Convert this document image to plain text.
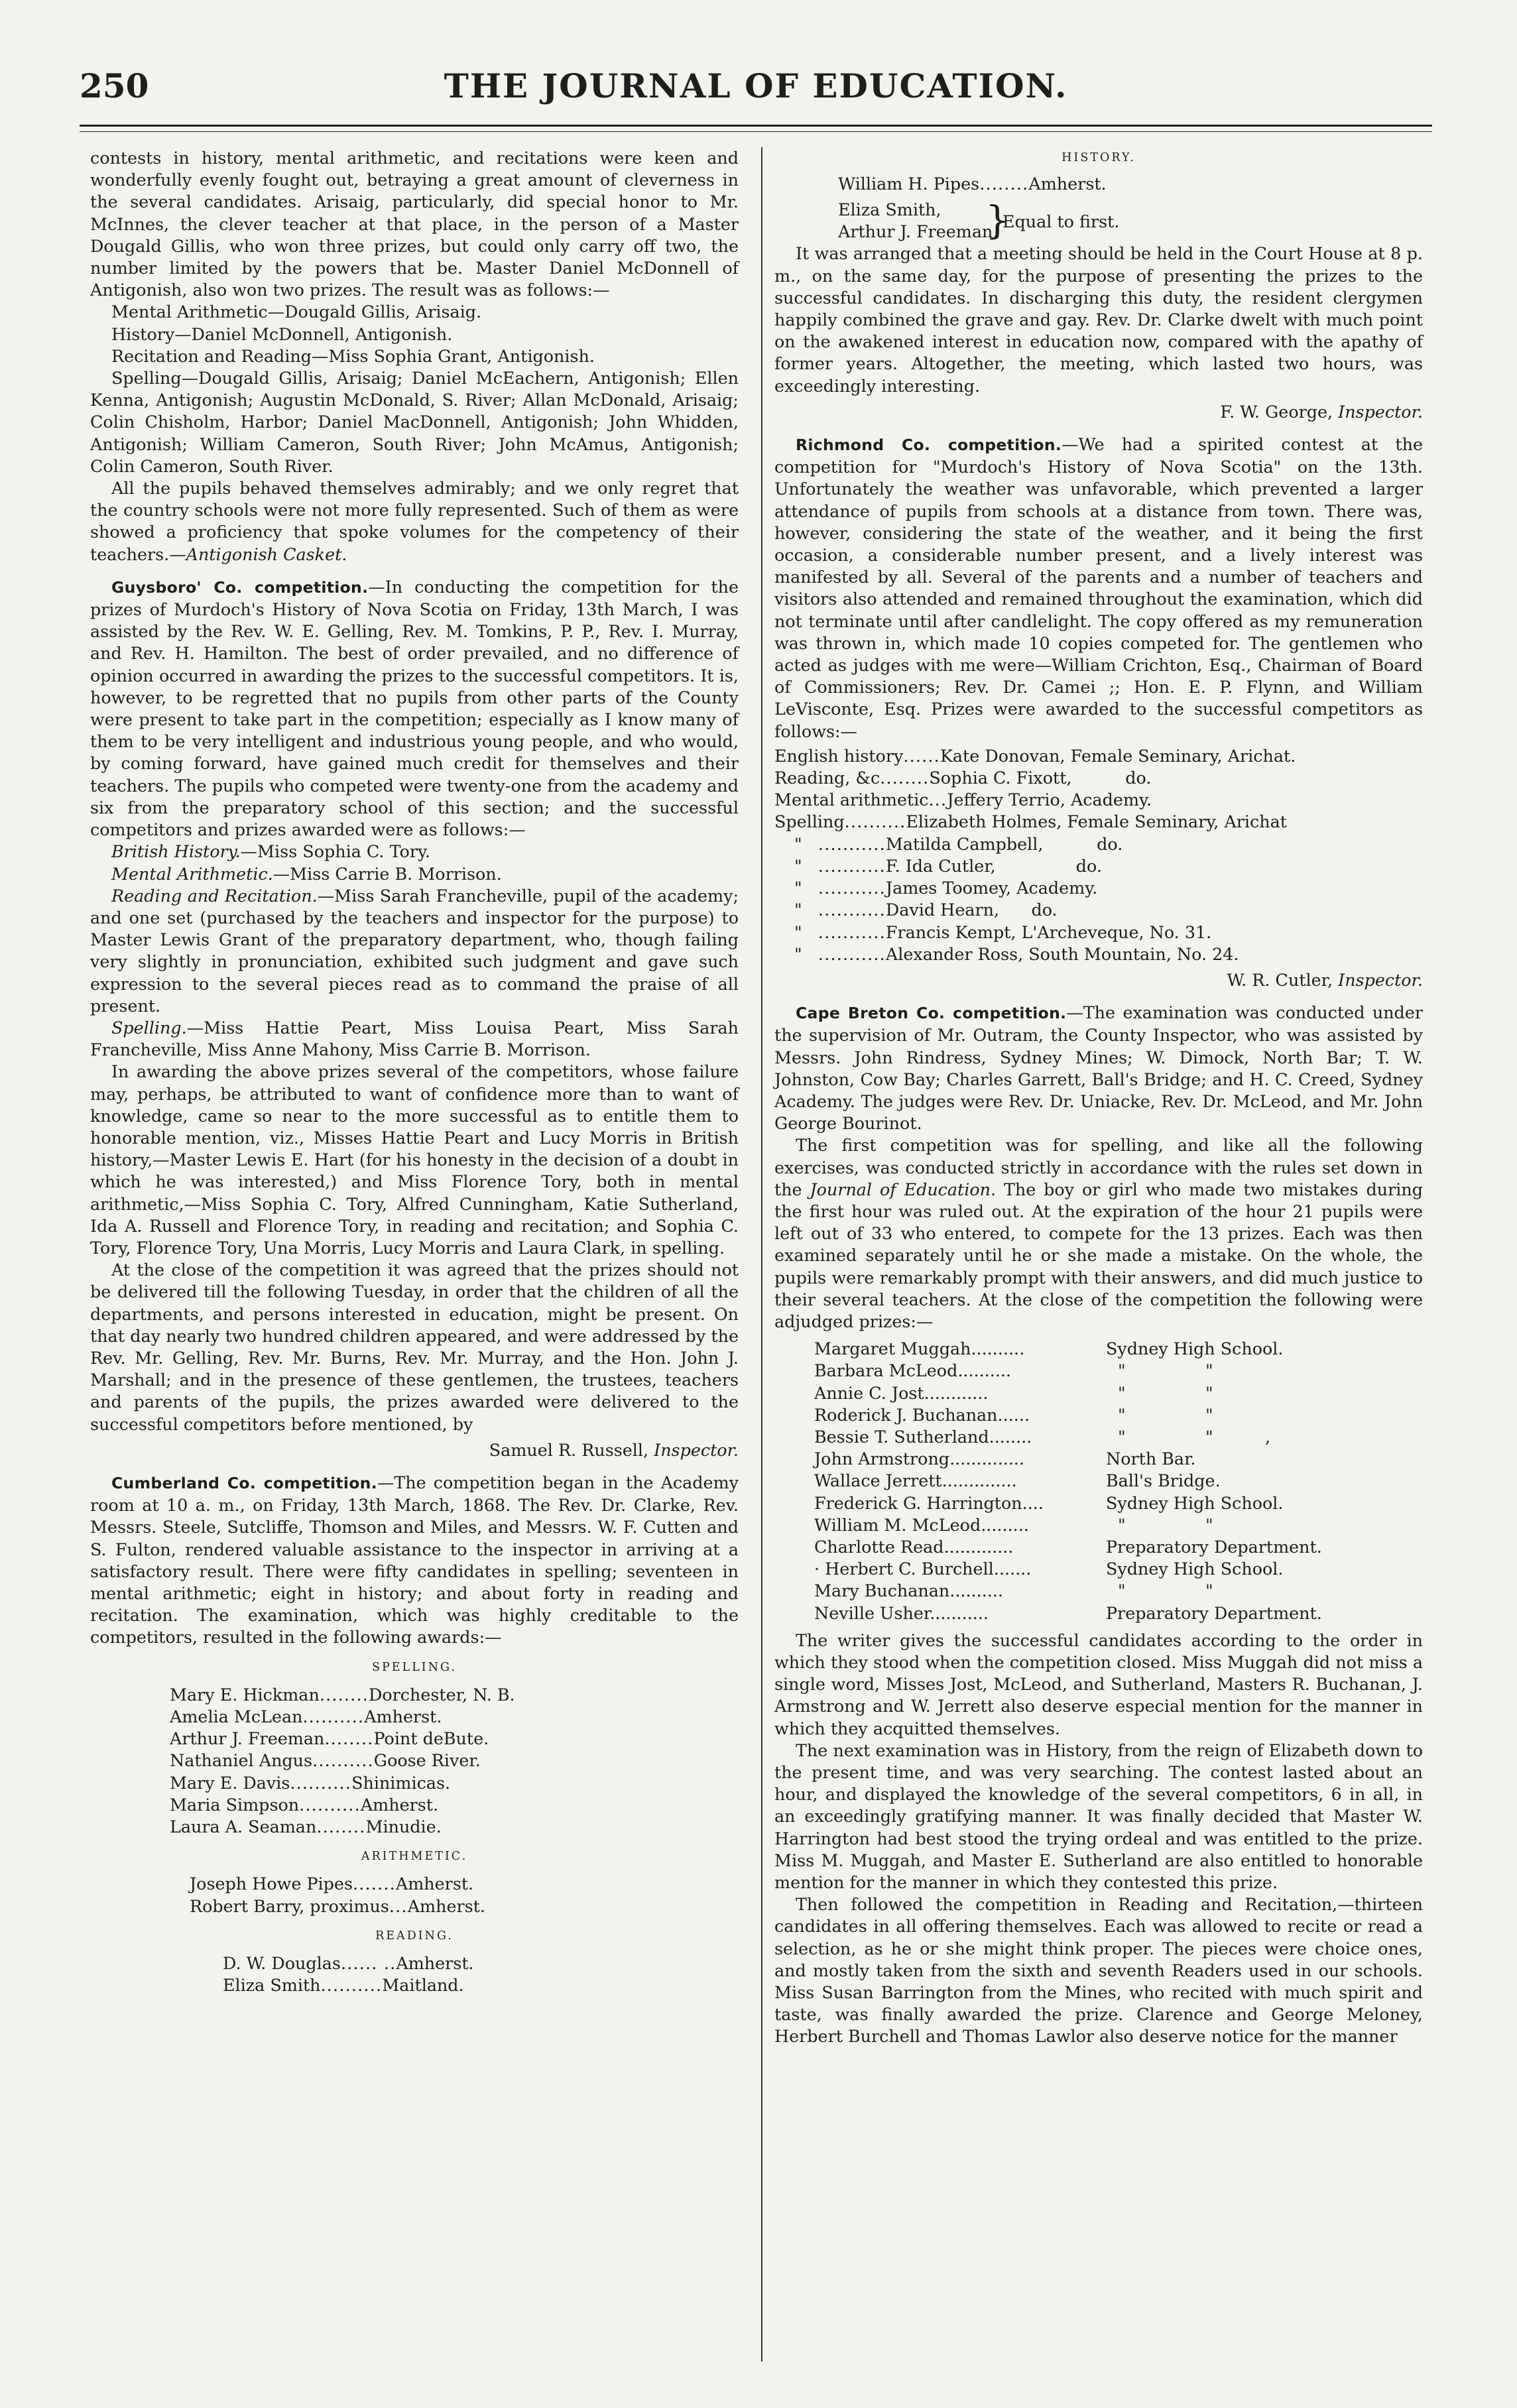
250	THE JOURNAL OF EDUCATION.

contests in history, mental arithmetic, and recitations were keen and wonderfully evenly fought out, betraying a great amount of cleverness in the several candidates. Arisaig, particularly, did special honor to Mr. McInnes, the clever teacher at that place, in the person of a Master Dougald Gillis, who won three prizes, but could only carry off two, the number limited by the powers that be. Master Daniel McDonnell of Antigonish, also won two prizes. The result was as follows:—

Mental Arithmetic—Dougald Gillis, Arisaig.

History—Daniel McDonnell, Antigonish.

Recitation and Reading—Miss Sophia Grant, Antigonish.

Spelling—Dougald Gillis, Arisaig; Daniel McEachern, Antigonish; Ellen Kenna, Antigonish; Augustin McDonald, S. River; Allan McDonald, Arisaig; Colin Chisholm, Harbor; Daniel MacDonnell, Antigonish; John Whidden, Antigonish; William Cameron, South River; John McAmus, Antigonish; Colin Cameron, South River.

All the pupils behaved themselves admirably; and we only regret that the country schools were not more fully represented. Such of them as were showed a proficiency that spoke volumes for the competency of their teachers.—Antigonish Casket.

Guysboro' Co. competition.—In conducting the competition for the prizes of Murdoch's History of Nova Scotia on Friday, 13th March, I was assisted by the Rev. W. E. Gelling, Rev. M. Tomkins, P. P., Rev. I. Murray, and Rev. H. Hamilton. The best of order prevailed, and no difference of opinion occurred in awarding the prizes to the successful competitors. It is, however, to be regretted that no pupils from other parts of the County were present to take part in the competition; especially as I know many of them to be very intelligent and industrious young people, and who would, by coming forward, have gained much credit for themselves and their teachers. The pupils who competed were twenty-one from the academy and six from the preparatory school of this section; and the successful competitors and prizes awarded were as follows:—

British History.—Miss Sophia C. Tory.

Mental Arithmetic.—Miss Carrie B. Morrison.

Reading and Recitation.—Miss Sarah Francheville, pupil of the academy; and one set (purchased by the teachers and inspector for the purpose) to Master Lewis Grant of the preparatory department, who, though failing very slightly in pronunciation, exhibited such judgment and gave such expression to the several pieces read as to command the praise of all present.

Spelling.—Miss Hattie Peart, Miss Louisa Peart, Miss Sarah Francheville, Miss Anne Mahony, Miss Carrie B. Morrison.

In awarding the above prizes several of the competitors, whose failure may, perhaps, be attributed to want of confidence more than to want of knowledge, came so near to the more successful as to entitle them to honorable mention, viz., Misses Hattie Peart and Lucy Morris in British history,—Master Lewis E. Hart (for his honesty in the decision of a doubt in which he was interested,) and Miss Florence Tory, both in mental arithmetic,—Miss Sophia C. Tory, Alfred Cunningham, Katie Sutherland, Ida A. Russell and Florence Tory, in reading and recitation; and Sophia C. Tory, Florence Tory, Una Morris, Lucy Morris and Laura Clark, in spelling.

At the close of the competition it was agreed that the prizes should not be delivered till the following Tuesday, in order that the children of all the departments, and persons interested in education, might be present. On that day nearly two hundred children appeared, and were addressed by the Rev. Mr. Gelling, Rev. Mr. Burns, Rev. Mr. Murray, and the Hon. John J. Marshall; and in the presence of these gentlemen, the trustees, teachers and parents of the pupils, the prizes awarded were delivered to the successful competitors before mentioned, by

Samuel R. Russell, Inspector.

Cumberland Co. competition.—The competition began in the Academy room at 10 a. m., on Friday, 13th March, 1868. The Rev. Dr. Clarke, Rev. Messrs. Steele, Sutcliffe, Thomson and Miles, and Messrs. W. F. Cutten and S. Fulton, rendered valuable assistance to the inspector in arriving at a satisfactory result. There were fifty candidates in spelling; seventeen in mental arithmetic; eight in history; and about forty in reading and recitation. The examination, which was highly creditable to the competitors, resulted in the following awards:—

SPELLING.
Mary E. Hickman ........ Dorchester, N. B.
Amelia McLean .......... Amherst.
Arthur J. Freeman ........ Point deBute.
Nathaniel Angus .......... Goose River.
Mary E. Davis .......... Shinimicas.
Maria Simpson .......... Amherst.
Laura A. Seaman ........ Minudie.
ARITHMETIC.
Joseph Howe Pipes ....... Amherst.
Robert Barry, proximus ... Amherst.
READING.
D. W. Douglas ...... .. Amherst.
Eliza Smith .......... Maitland.
HISTORY.
William H. Pipes ........ Amherst.
Eliza Smith,
Arthur J. Freeman,
}
Equal to first.

It was arranged that a meeting should be held in the Court House at 8 p. m., on the same day, for the purpose of presenting the prizes to the successful candidates. In discharging this duty, the resident clergymen happily combined the grave and gay. Rev. Dr. Clarke dwelt with much point on the awakened interest in education now, compared with the apathy of former years. Altogether, the meeting, which lasted two hours, was exceedingly interesting.

F. W. George, Inspector.

Richmond Co. competition.—We had a spirited contest at the competition for "Murdoch's History of Nova Scotia" on the 13th. Unfortunately the weather was unfavorable, which prevented a larger attendance of pupils from schools at a distance from town. There was, however, considering the state of the weather, and it being the first occasion, a considerable number present, and a lively interest was manifested by all. Several of the parents and a number of teachers and visitors also attended and remained throughout the examination, which did not terminate until after candlelight. The copy offered as my remuneration was thrown in, which made 10 copies competed for. The gentlemen who acted as judges with me were—William Crichton, Esq., Chairman of Board of Commissioners; Rev. Dr. Camei ;; Hon. E. P. Flynn, and William LeVisconte, Esq. Prizes were awarded to the successful competitors as follows:—

English history ...... Kate Donovan, Female Seminary, Arichat.
Reading, &c ........ Sophia C. Fixott,          do.
Mental arithmetic ... Jeffery Terrio, Academy.
Spelling .......... Elizabeth Holmes, Female Seminary, Arichat
" ........... Matilda Campbell,          do.
" ........... F. Ida Cutler,               do.
" ........... James Toomey, Academy.
" ........... David Hearn,      do.
" ........... Francis Kempt, L'Archeveque, No. 31.
" ........... Alexander Ross, South Mountain, No. 24.
W. R. Cutler, Inspector.

Cape Breton Co. competition.—The examination was conducted under the supervision of Mr. Outram, the County Inspector, who was assisted by Messrs. John Rindress, Sydney Mines; W. Dimock, North Bar; T. W. Johnston, Cow Bay; Charles Garrett, Ball's Bridge; and H. C. Creed, Sydney Academy. The judges were Rev. Dr. Uniacke, Rev. Dr. McLeod, and Mr. John George Bourinot.

The first competition was for spelling, and like all the following exercises, was conducted strictly in accordance with the rules set down in the Journal of Education. The boy or girl who made two mistakes during the first hour was ruled out. At the expiration of the hour 21 pupils were left out of 33 who entered, to compete for the 13 prizes. Each was then examined separately until he or she made a mistake. On the whole, the pupils were remarkably prompt with their answers, and did much justice to their several teachers. At the close of the competition the following were adjudged prizes:—

Margaret Muggah..........	Sydney High School.
Barbara McLeod..........	"	"
Annie C. Jost............	"	"
Roderick J. Buchanan......	"	"
Bessie T. Sutherland........	"	"	,
John Armstrong..............	North Bar.
Wallace Jerrett..............	Ball's Bridge.
Frederick G. Harrington....	Sydney High School.
William M. McLeod.........	"	"
Charlotte Read.............	Preparatory Department.
· Herbert C. Burchell.......	Sydney High School.
Mary Buchanan..........	"	"
Neville Usher...........	Preparatory Department.

The writer gives the successful candidates according to the order in which they stood when the competition closed. Miss Muggah did not miss a single word, Misses Jost, McLeod, and Sutherland, Masters R. Buchanan, J. Armstrong and W. Jerrett also deserve especial mention for the manner in which they acquitted themselves.

The next examination was in History, from the reign of Elizabeth down to the present time, and was very searching. The contest lasted about an hour, and displayed the knowledge of the several competitors, 6 in all, in an exceedingly gratifying manner. It was finally decided that Master W. Harrington had best stood the trying ordeal and was entitled to the prize. Miss M. Muggah, and Master E. Sutherland are also entitled to honorable mention for the manner in which they contested this prize.

Then followed the competition in Reading and Recitation,—thirteen candidates in all offering themselves. Each was allowed to recite or read a selection, as he or she might think proper. The pieces were choice ones, and mostly taken from the sixth and seventh Readers used in our schools. Miss Susan Barrington from the Mines, who recited with much spirit and taste, was finally awarded the prize. Clarence and George Meloney, Herbert Burchell and Thomas Lawlor also deserve notice for the manner
